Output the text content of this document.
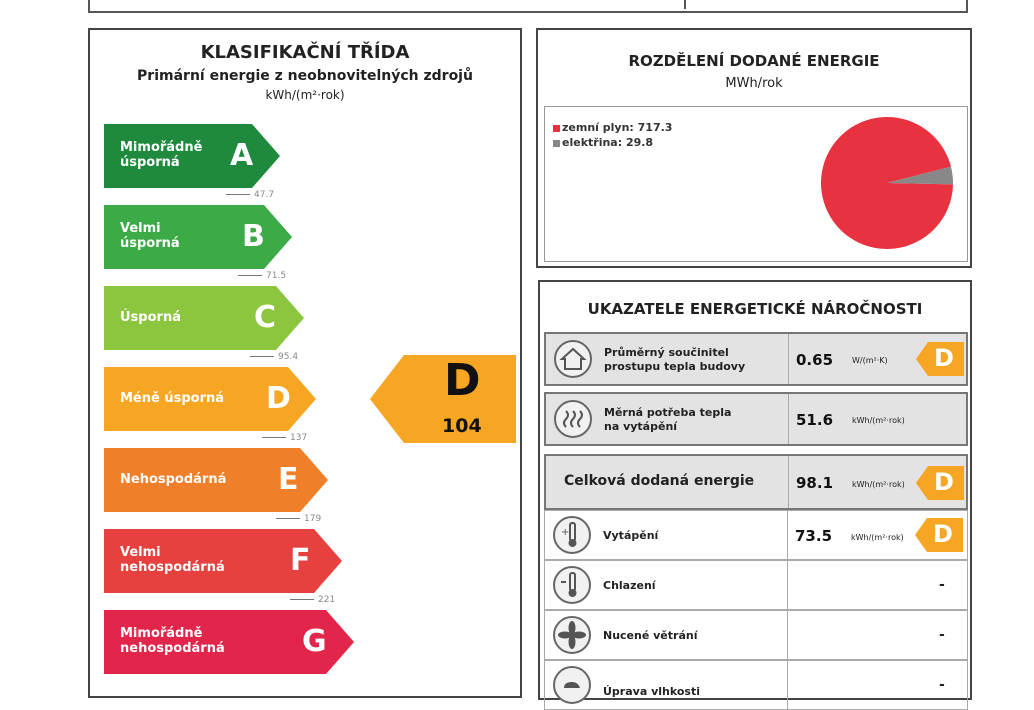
KLASIFIKAČNÍ TŘÍDA
Primární energie z neobnovitelných zdrojů
kWh/(m²·rok)
Mimořádně
úsporná	A
47.7
Velmi
úsporná B
71.5
Úsporná C
95.4
Méně úsporná D
137
Nehospodárná E
179
Velmi
nehospodárná F
221
Mimořádně
nehospodárná	G
D
104
ROZDĚLENÍ DODANÉ ENERGIE
MWh/rok
zemní plyn: 717.3
elektřina: 29.8
UKAZATELE ENERGETICKÉ NÁROČNOSTI
Průměrný součinitel
prostupu tepla budovy	0.65 W/(m²·K) D
Měrná potřeba tepla
na vytápění	51.6 kWh/(m²·rok)
Celková dodaná energie	98.1 kWh/(m²·rok) D
+	Vytápění	73.5 kWh/(m²·rok) D
Chlazení	-
Nucené větrání	-
Úprava vlhkosti	-
